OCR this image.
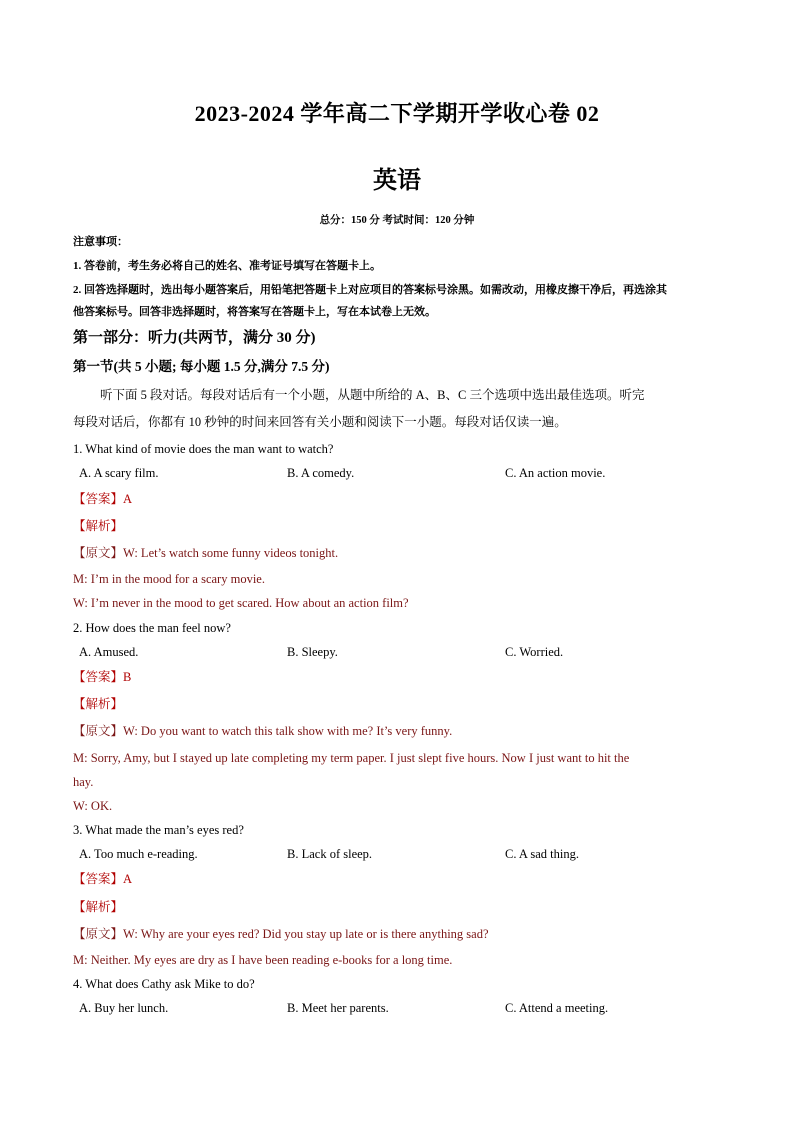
2023-2024 学年高二下学期开学收心卷 02
英语
总分：150 分 考试时间：120 分钟
注意事项：
1. 答卷前，考生务必将自己的姓名、准考证号填写在答题卡上。
2. 回答选择题时，选出每小题答案后，用铅笔把答题卡上对应项目的答案标号涂黑。如需改动，用橡皮擦干净后，再选涂其
他答案标号。回答非选择题时，将答案写在答题卡上，写在本试卷上无效。
第一部分：听力(共两节，满分 30 分)
第一节(共 5 小题; 每小题 1.5 分,满分 7.5 分)
听下面 5 段对话。每段对话后有一个小题，从题中所给的 A、B、C 三个选项中选出最佳选项。听完
每段对话后，你都有 10 秒钟的时间来回答有关小题和阅读下一小题。每段对话仅读一遍。
1. What kind of movie does the man want to watch?
A. A scary film.	B. A comedy.	C. An action movie.
【答案】A
【解析】
【原文】W: Let’s watch some funny videos tonight.
M: I’m in the mood for a scary movie.
W: I’m never in the mood to get scared. How about an action film?
2. How does the man feel now?
A. Amused.	B. Sleepy.	C. Worried.
【答案】B
【解析】
【原文】W: Do you want to watch this talk show with me? It’s very funny.
M: Sorry, Amy, but I stayed up late completing my term paper. I just slept five hours. Now I just want to hit the
hay.
W: OK.
3. What made the man’s eyes red?
A. Too much e-reading.	B. Lack of sleep.	C. A sad thing.
【答案】A
【解析】
【原文】W: Why are your eyes red? Did you stay up late or is there anything sad?
M: Neither. My eyes are dry as I have been reading e-books for a long time.
4. What does Cathy ask Mike to do?
A. Buy her lunch.	B. Meet her parents.	C. Attend a meeting.
